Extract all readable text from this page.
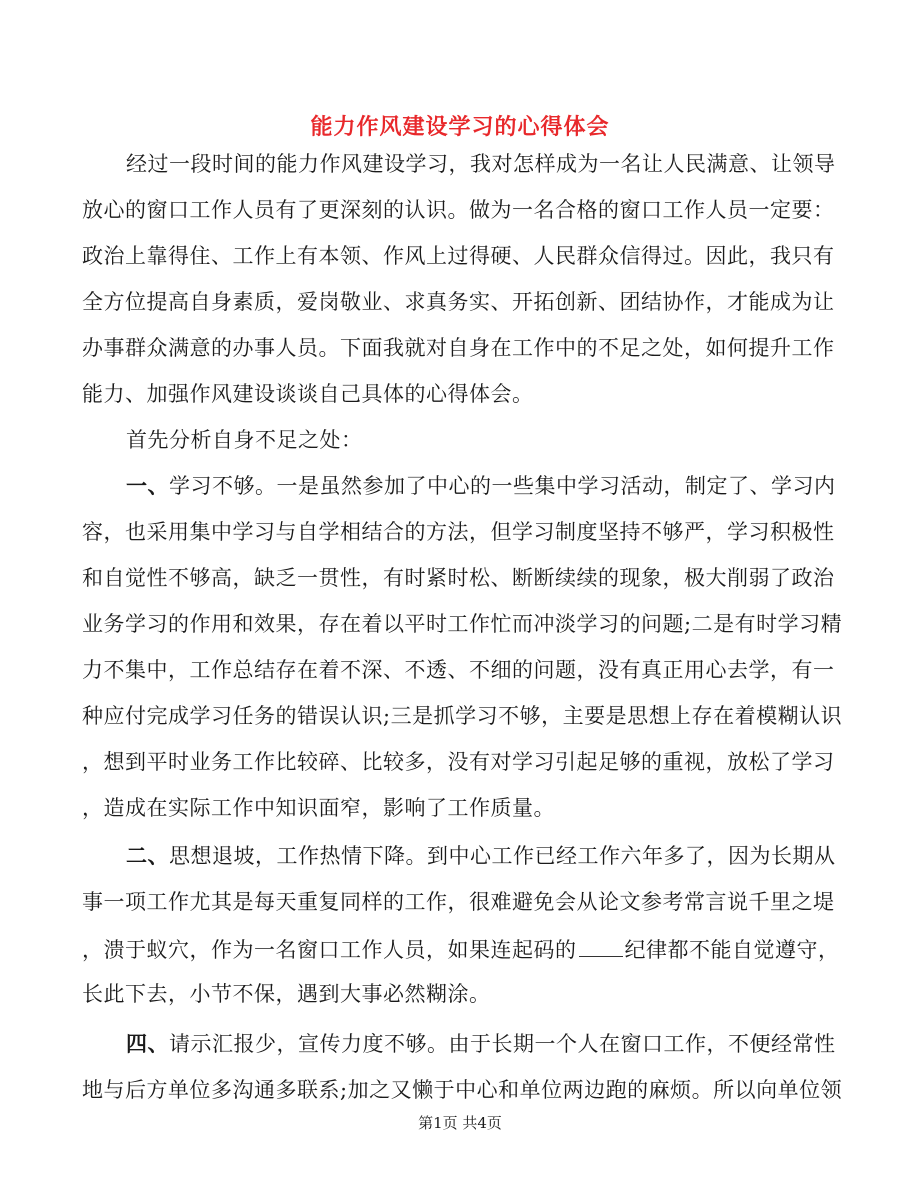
能力作风建设学习的心得体会
经过一段时间的能力作风建设学习，我对怎样成为一名让人民满意、让领导
放心的窗口工作人员有了更深刻的认识。做为一名合格的窗口工作人员一定要：
政治上靠得住、工作上有本领、作风上过得硬、人民群众信得过。因此，我只有
全方位提高自身素质，爱岗敬业、求真务实、开拓创新、团结协作，才能成为让
办事群众满意的办事人员。下面我就对自身在工作中的不足之处，如何提升工作
能力、加强作风建设谈谈自己具体的心得体会。
首先分析自身不足之处：
一、学习不够。一是虽然参加了中心的一些集中学习活动，制定了、学习内
容，也采用集中学习与自学相结合的方法，但学习制度坚持不够严，学习积极性
和自觉性不够高，缺乏一贯性，有时紧时松、断断续续的现象，极大削弱了政治
业务学习的作用和效果，存在着以平时工作忙而冲淡学习的问题;二是有时学习精
力不集中，工作总结存在着不深、不透、不细的问题，没有真正用心去学，有一
种应付完成学习任务的错误认识;三是抓学习不够，主要是思想上存在着模糊认识
，想到平时业务工作比较碎、比较多，没有对学习引起足够的重视，放松了学习
，造成在实际工作中知识面窄，影响了工作质量。
二、思想退坡，工作热情下降。到中心工作已经工作六年多了，因为长期从
事一项工作尤其是每天重复同样的工作，很难避免会从论文参考常言说千里之堤
，溃于蚁穴，作为一名窗口工作人员，如果连起码的 纪律都不能自觉遵守，
长此下去，小节不保，遇到大事必然糊涂。
四、请示汇报少，宣传力度不够。由于长期一个人在窗口工作，不便经常性
地与后方单位多沟通多联系;加之又懒于中心和单位两边跑的麻烦。所以向单位领
第1页 共4页
